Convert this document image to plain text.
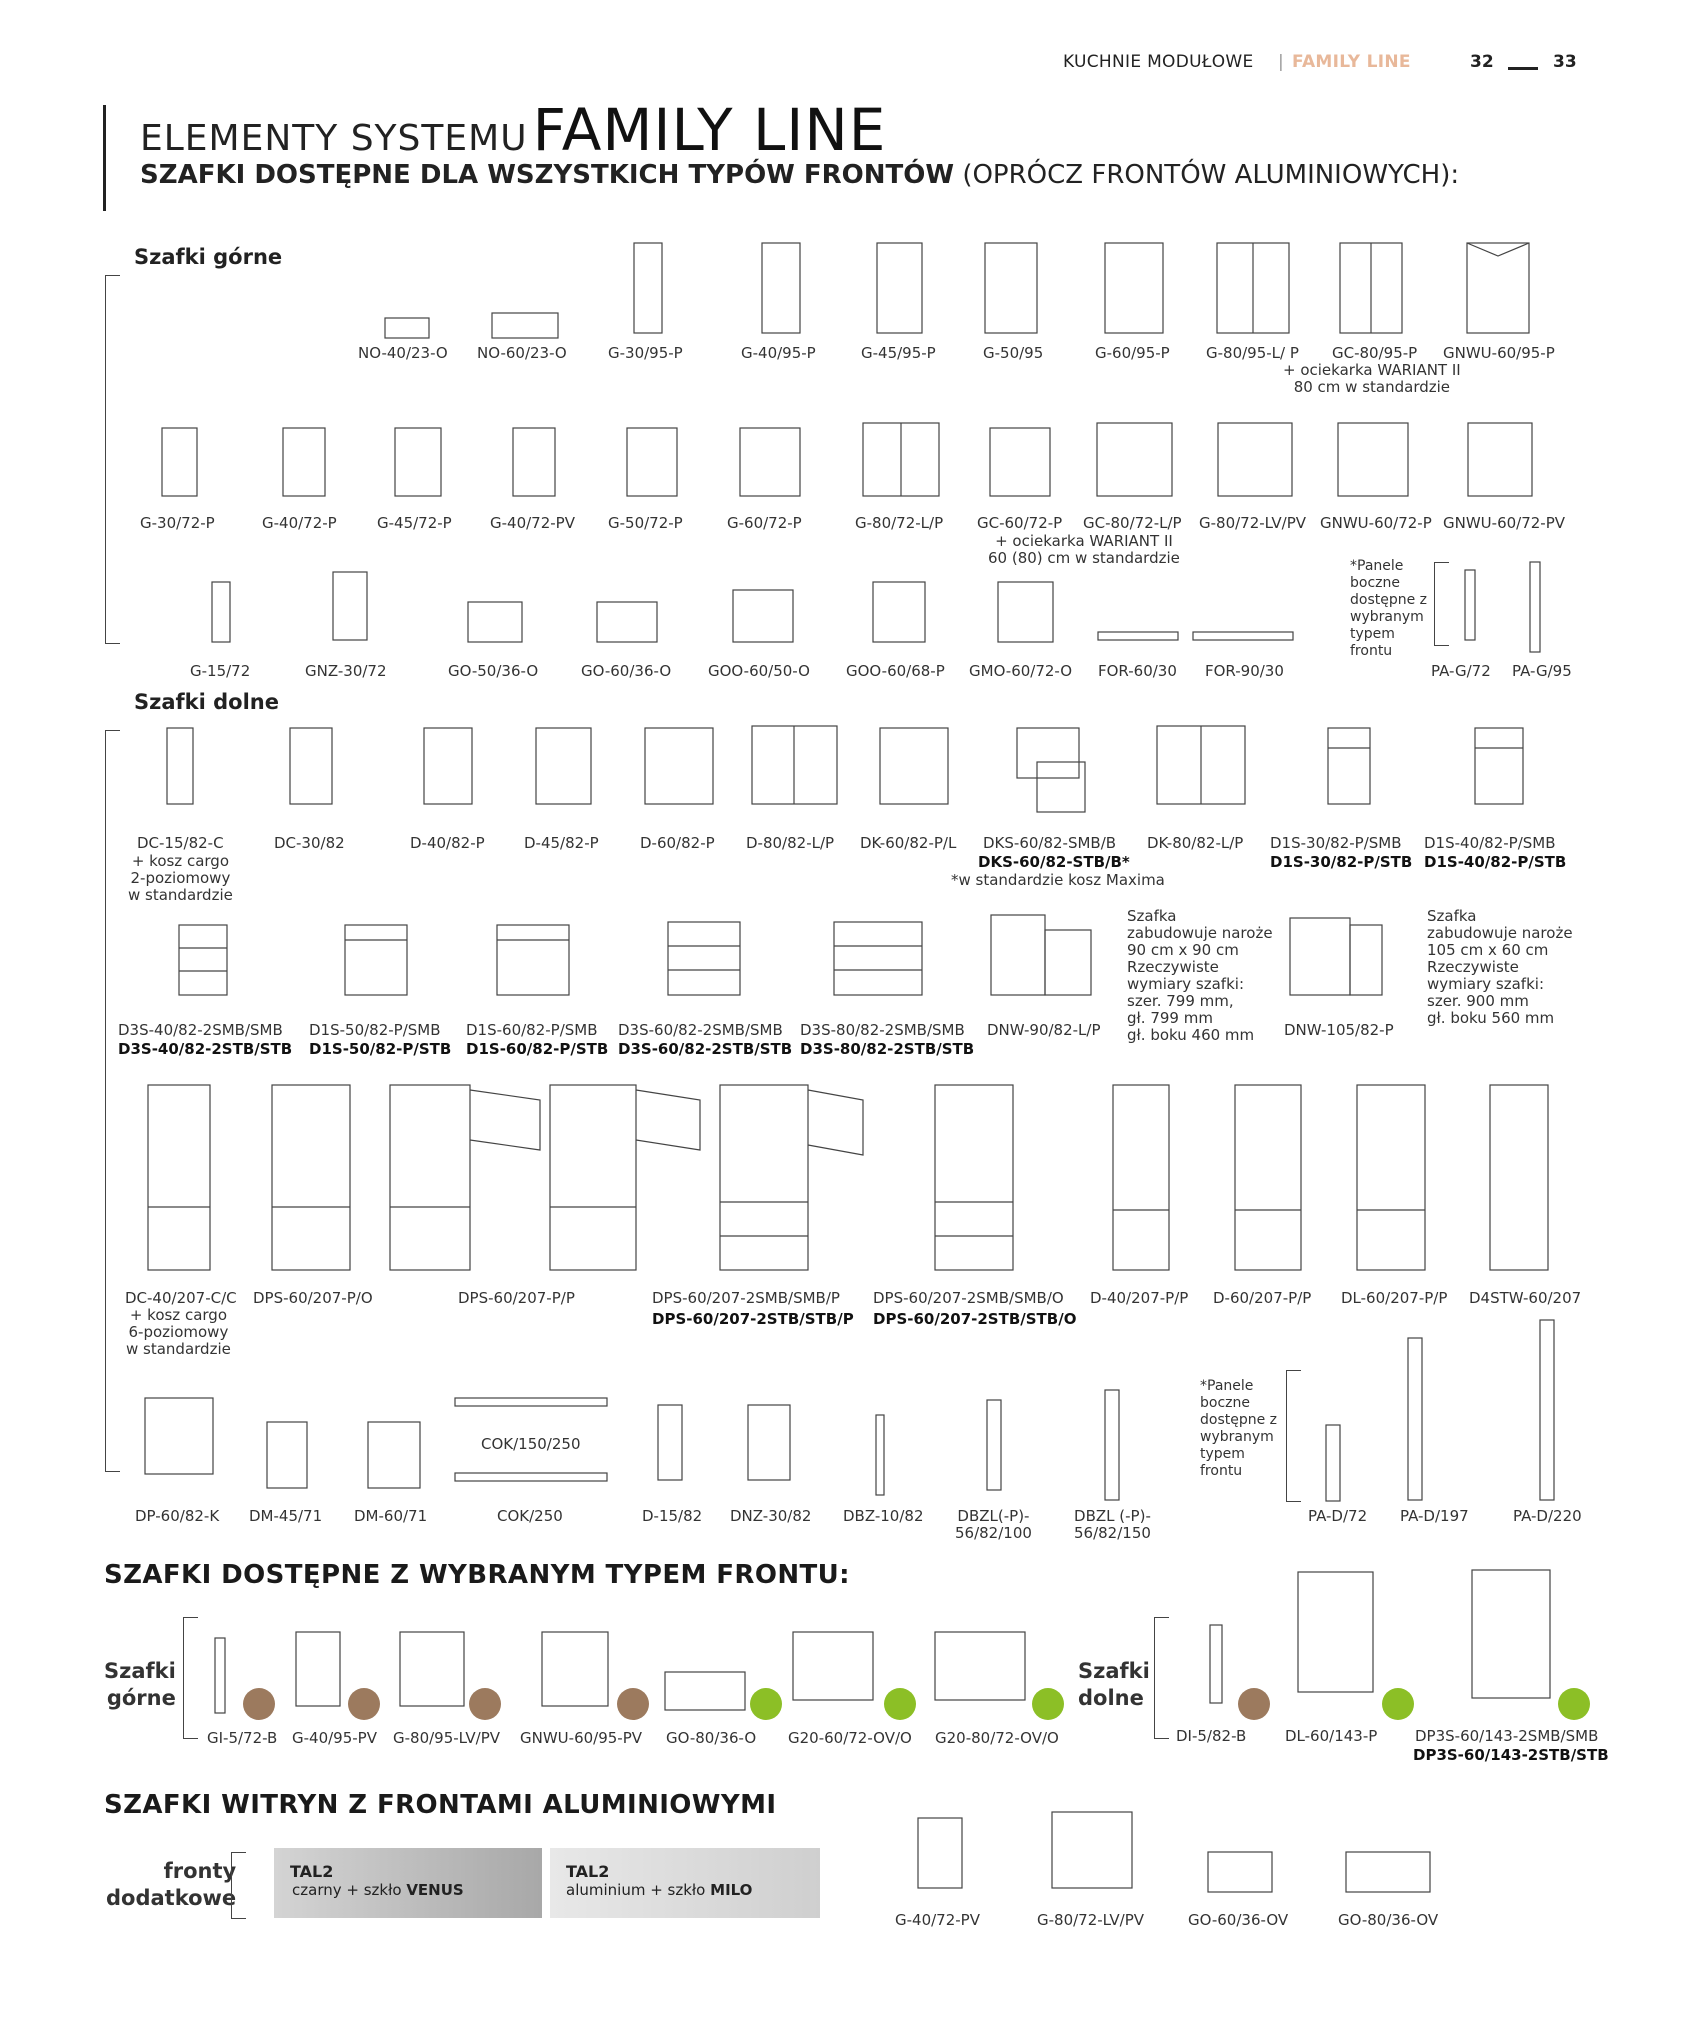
KUCHNIE MODUŁOWE | FAMILY LINE	32	33
ELEMENTY SYSTEMU FAMILY LINE
SZAFKI DOSTĘPNE DLA WSZYSTKICH TYPÓW FRONTÓW (OPRÓCZ FRONTÓW ALUMINIOWYCH):
Szafki górne
NO-40/23-O NO-60/23-O	G-30/95-P	G-40/95-P	G-45/95-P	G-50/95	G-60/95-P G-80/95-L/ P GC-80/95-P GNWU-60/95-P
+ ociekarka WARIANT II
80 cm w standardzie
G-30/72-P	G-40/72-P	G-45/72-P	G-40/72-PV G-50/72-P	G-60/72-P	G-80/72-L/P GC-60/72-P GC-80/72-L/P G-80/72-LV/PV GNWU-60/72-P GNWU-60/72-PV
+ ociekarka WARIANT II
60 (80) cm w standardzie
G-15/72	GNZ-30/72	GO-50/36-O	GO-60/36-O GOO-60/50-O GOO-60/68-P GMO-60/72-O FOR-60/30 FOR-90/30
*Panele
boczne
dostępne z
wybranym
typem
frontu
PA-G/72 PA-G/95
Szafki dolne
DC-15/82-C
+ kosz cargo
2-poziomowy
w standardzie
DC-30/82	D-40/82-P	D-45/82-P	D-60/82-P D-80/82-L/P DK-60/82-P/L DKS-60/82-SMB/B
DKS-60/82-STB/B*
*w standardzie kosz Maxima
DK-80/82-L/P D1S-30/82-P/SMB
D1S-30/82-P/STB
D1S-40/82-P/SMB
D1S-40/82-P/STB
D3S-40/82-2SMB/SMB
D3S-40/82-2STB/STB
D1S-50/82-P/SMB
D1S-50/82-P/STB
D1S-60/82-P/SMB
D1S-60/82-P/STB
D3S-60/82-2SMB/SMB
D3S-60/82-2STB/STB
D3S-80/82-2SMB/SMB
D3S-80/82-2STB/STB
DNW-90/82-L/P
Szafka
zabudowuje naroże
90 cm x 90 cm
Rzeczywiste
wymiary szafki:
szer. 799 mm,
gł. 799 mm
gł. boku 460 mm	DNW-105/82-P
Szafka
zabudowuje naroże
105 cm x 60 cm
Rzeczywiste
wymiary szafki:
szer. 900 mm
gł. boku 560 mm
DC-40/207-C/C
+ kosz cargo
6-poziomowy
w standardzie
DPS-60/207-P/O	DPS-60/207-P/P	DPS-60/207-2SMB/SMB/P
DPS-60/207-2STB/STB/P
DPS-60/207-2SMB/SMB/O
DPS-60/207-2STB/STB/O
D-40/207-P/P D-60/207-P/P DL-60/207-P/P D4STW-60/207
DP-60/82-K DM-45/71 DM-60/71
COK/150/250
COK/250	D-15/82 DNZ-30/82 DBZ-10/82 DBZL(-P)-
56/82/100
DBZL (-P)-
56/82/150
*Panele
boczne
dostępne z
wybranym
typem
frontu
PA-D/72 PA-D/197	PA-D/220
SZAFKI DOSTĘPNE Z WYBRANYM TYPEM FRONTU:
Szafki
górne
Szafki
dolne
GI-5/72-B G-40/95-PV G-80/95-LV/PV GNWU-60/95-PV GO-80/36-O G20-60/72-OV/O G20-80/72-OV/O	DI-5/82-B	DL-60/143-P	DP3S-60/143-2SMB/SMB
DP3S-60/143-2STB/STB
SZAFKI WITRYN Z FRONTAMI ALUMINIOWYMI
fronty
dodatkowe
TAL2
czarny + szkło VENUS
TAL2
aluminium + szkło MILO
G-40/72-PV	G-80/72-LV/PV	GO-60/36-OV	GO-80/36-OV
